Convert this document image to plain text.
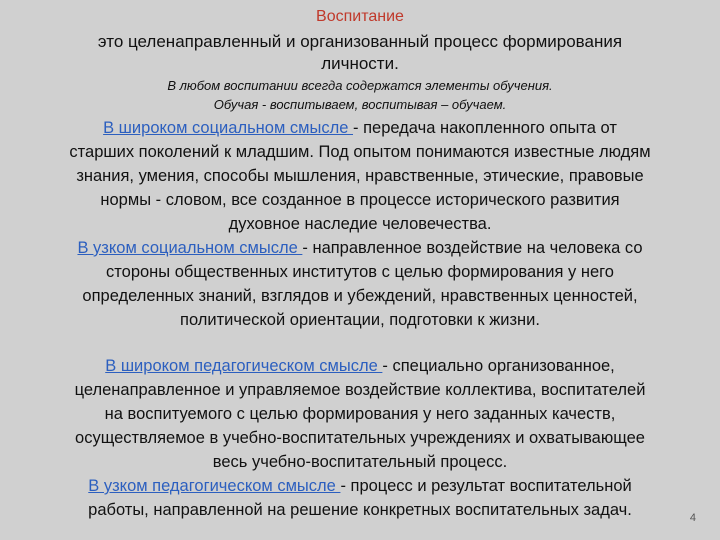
Воспитание
это целенаправленный и организованный процесс формирования
личности.
В любом воспитании всегда содержатся элементы обучения.
Обучая - воспитываем, воспитывая – обучаем.
В широком социальном смысле - передача накопленного опыта от
старших поколений к младшим. Под опытом понимаются известные людям
знания, умения, способы мышления, нравственные, этические, правовые
нормы - словом, все созданное в процессе исторического развития
духовное наследие человечества.
В узком социальном смысле - направленное воздействие на человека со
стороны общественных институтов с целью формирования у него
определенных знаний, взглядов и убеждений, нравственных ценностей,
политической ориентации, подготовки к жизни.
В широком педагогическом смысле - специально организованное,
целенаправленное и управляемое воздействие коллектива, воспитателей
на воспитуемого с целью формирования у него заданных качеств,
осуществляемое в учебно-воспитательных учреждениях и охватывающее
весь учебно-воспитательный процесс.
В узком педагогическом смысле - процесс и результат воспитательной
работы, направленной на решение конкретных воспитательных задач.	4
